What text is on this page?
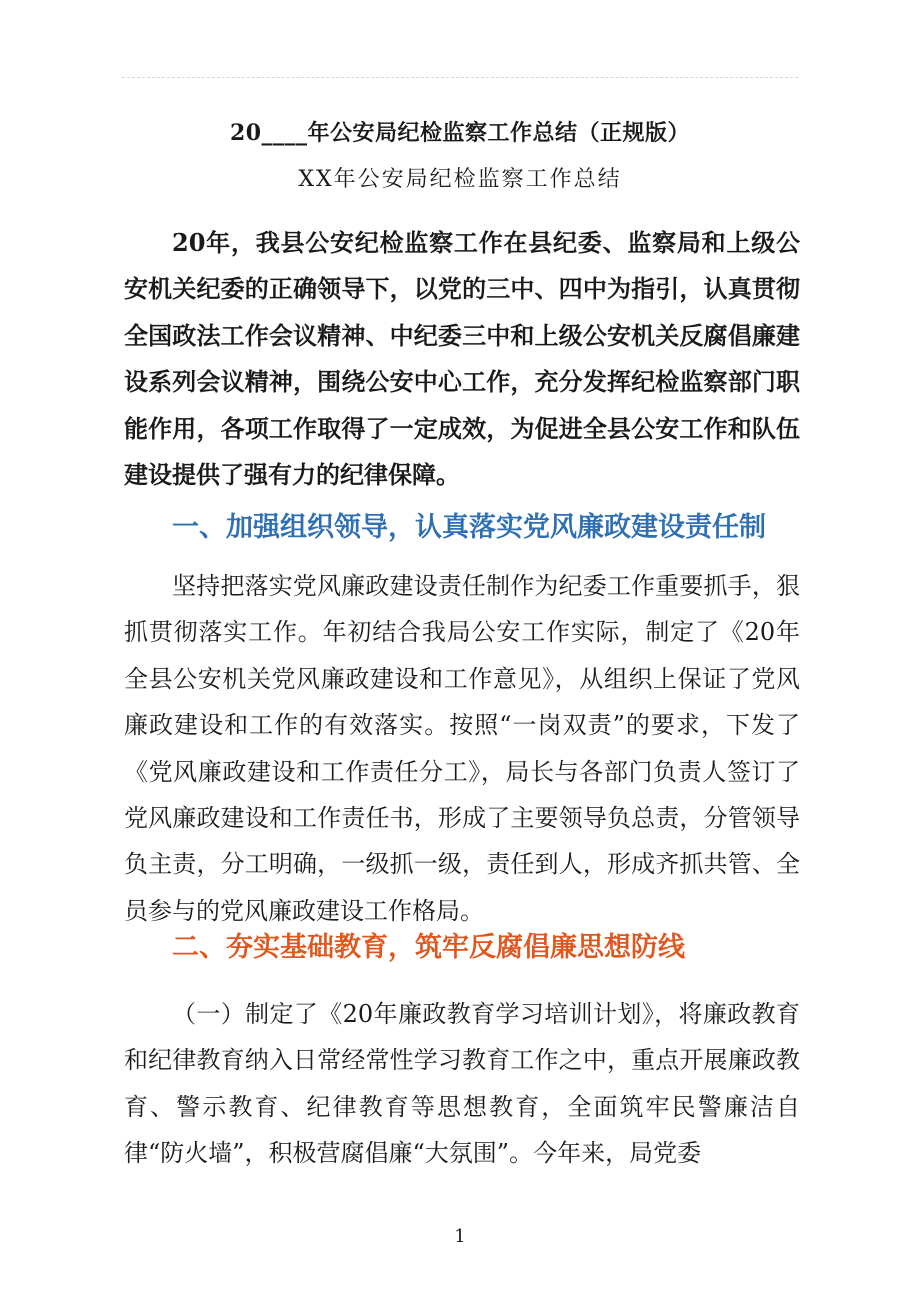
20____年公安局纪检监察工作总结（正规版）
XX年公安局纪检监察工作总结

20年，我县公安纪检监察工作在县纪委、监察局和上级公安机关纪委的正确领导下，以党的三中、四中为指引，认真贯彻全国政法工作会议精神、中纪委三中和上级公安机关反腐倡廉建设系列会议精神，围绕公安中心工作，充分发挥纪检监察部门职能作用，各项工作取得了一定成效，为促进全县公安工作和队伍建设提供了强有力的纪律保障。

一、加强组织领导，认真落实党风廉政建设责任制

坚持把落实党风廉政建设责任制作为纪委工作重要抓手，狠抓贯彻落实工作。年初结合我局公安工作实际，制定了《20年全县公安机关党风廉政建设和工作意见》，从组织上保证了党风廉政建设和工作的有效落实。按照“一岗双责”的要求，下发了《党风廉政建设和工作责任分工》，局长与各部门负责人签订了党风廉政建设和工作责任书，形成了主要领导负总责，分管领导负主责，分工明确，一级抓一级，责任到人，形成齐抓共管、全员参与的党风廉政建设工作格局。

二、夯实基础教育，筑牢反腐倡廉思想防线

（一）制定了《20年廉政教育学习培训计划》，将廉政教育和纪律教育纳入日常经常性学习教育工作之中，重点开展廉政教育、警示教育、纪律教育等思想教育，全面筑牢民警廉洁自律“防火墙”，积极营腐倡廉“大氛围”。今年来，局党委

1
